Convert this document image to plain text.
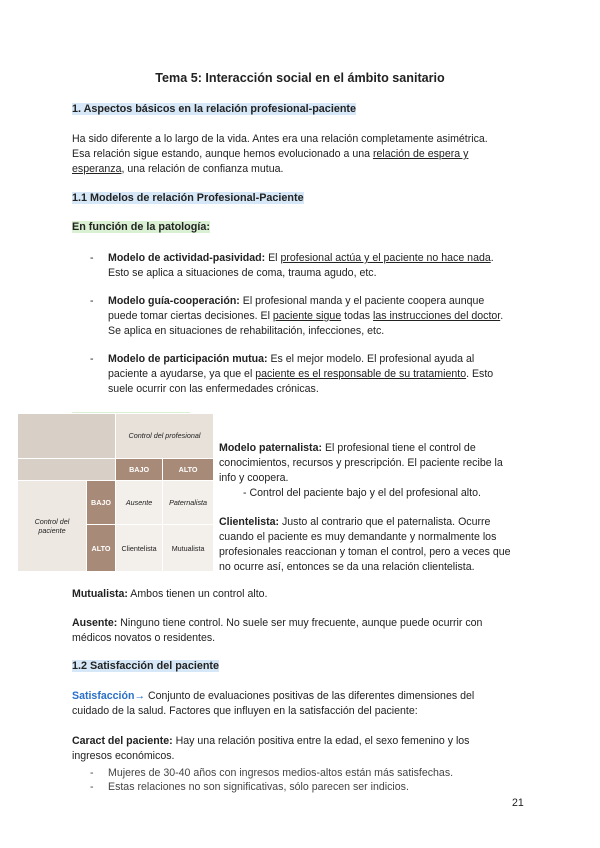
Tema 5: Interacción social en el ámbito sanitario
1. Aspectos básicos en la relación profesional-paciente
Ha sido diferente a lo largo de la vida. Antes era una relación completamente asimétrica.
Esa relación sigue estando, aunque hemos evolucionado a una relación de espera y
esperanza, una relación de confianza mutua.
1.1 Modelos de relación Profesional-Paciente
En función de la patología:
- Modelo de actividad-pasividad: El profesional actúa y el paciente no hace nada.
Esto se aplica a situaciones de coma, trauma agudo, etc.
- Modelo guía-cooperación: El profesional manda y el paciente coopera aunque
puede tomar ciertas decisiones. El paciente sigue todas las instrucciones del doctor.
Se aplica en situaciones de rehabilitación, infecciones, etc.
- Modelo de participación mutua: Es el mejor modelo. El profesional ayuda al
paciente a ayudarse, ya que el paciente es el responsable de su tratamiento. Esto
suele ocurrir con las enfermedades crónicas.
		Control del profesional	
		BAJO	ALTO
Control del paciente	BAJO	Ausente	Paternalista
	ALTO	Clientelista	Mutualista
Modelo paternalista: El profesional tiene el control de
conocimientos, recursos y prescripción. El paciente recibe la
info y coopera.
- Control del paciente bajo y el del profesional alto.
Clientelista: Justo al contrario que el paternalista. Ocurre
cuando el paciente es muy demandante y normalmente los
profesionales reaccionan y toman el control, pero a veces que
no ocurre así, entonces se da una relación clientelista.
Mutualista: Ambos tienen un control alto.
Ausente: Ninguno tiene control. No suele ser muy frecuente, aunque puede ocurrir con
médicos novatos o residentes.
1.2 Satisfacción del paciente
Satisfacción→ Conjunto de evaluaciones positivas de las diferentes dimensiones del
cuidado de la salud. Factores que influyen en la satisfacción del paciente:
Caract del paciente: Hay una relación positiva entre la edad, el sexo femenino y los
ingresos económicos.
- Mujeres de 30-40 años con ingresos medios-altos están más satisfechas.
- Estas relaciones no son significativas, sólo parecen ser indicios.
21
